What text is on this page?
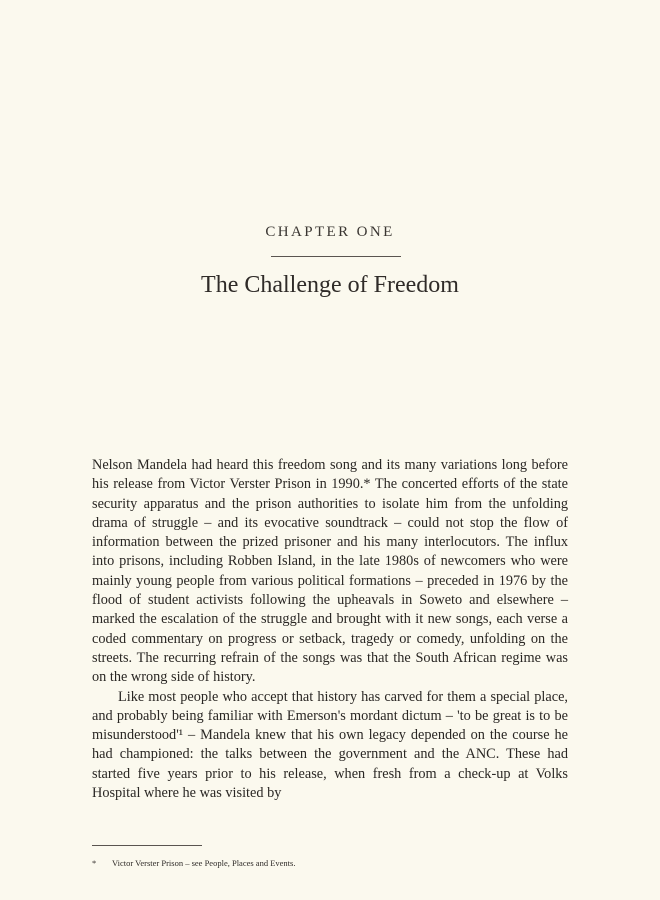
CHAPTER ONE
The Challenge of Freedom

Nelson Mandela had heard this freedom song and its many variations long before his release from Victor Verster Prison in 1990.* The concerted efforts of the state security apparatus and the prison authorities to isolate him from the unfolding drama of struggle – and its evocative soundtrack – could not stop the flow of information between the prized prisoner and his many interlocutors. The influx into prisons, including Robben Island, in the late 1980s of newcomers who were mainly young people from various political formations – preceded in 1976 by the flood of student activists following the upheavals in Soweto and elsewhere – marked the escalation of the struggle and brought with it new songs, each verse a coded commentary on progress or setback, tragedy or comedy, unfolding on the streets. The recurring refrain of the songs was that the South African regime was on the wrong side of history.

Like most people who accept that history has carved for them a special place, and probably being familiar with Emerson's mordant dictum – 'to be great is to be misunderstood'¹ – Mandela knew that his own legacy depended on the course he had championed: the talks between the government and the ANC. These had started five years prior to his release, when fresh from a check-up at Volks Hospital where he was visited by

* Victor Verster Prison – see People, Places and Events.
